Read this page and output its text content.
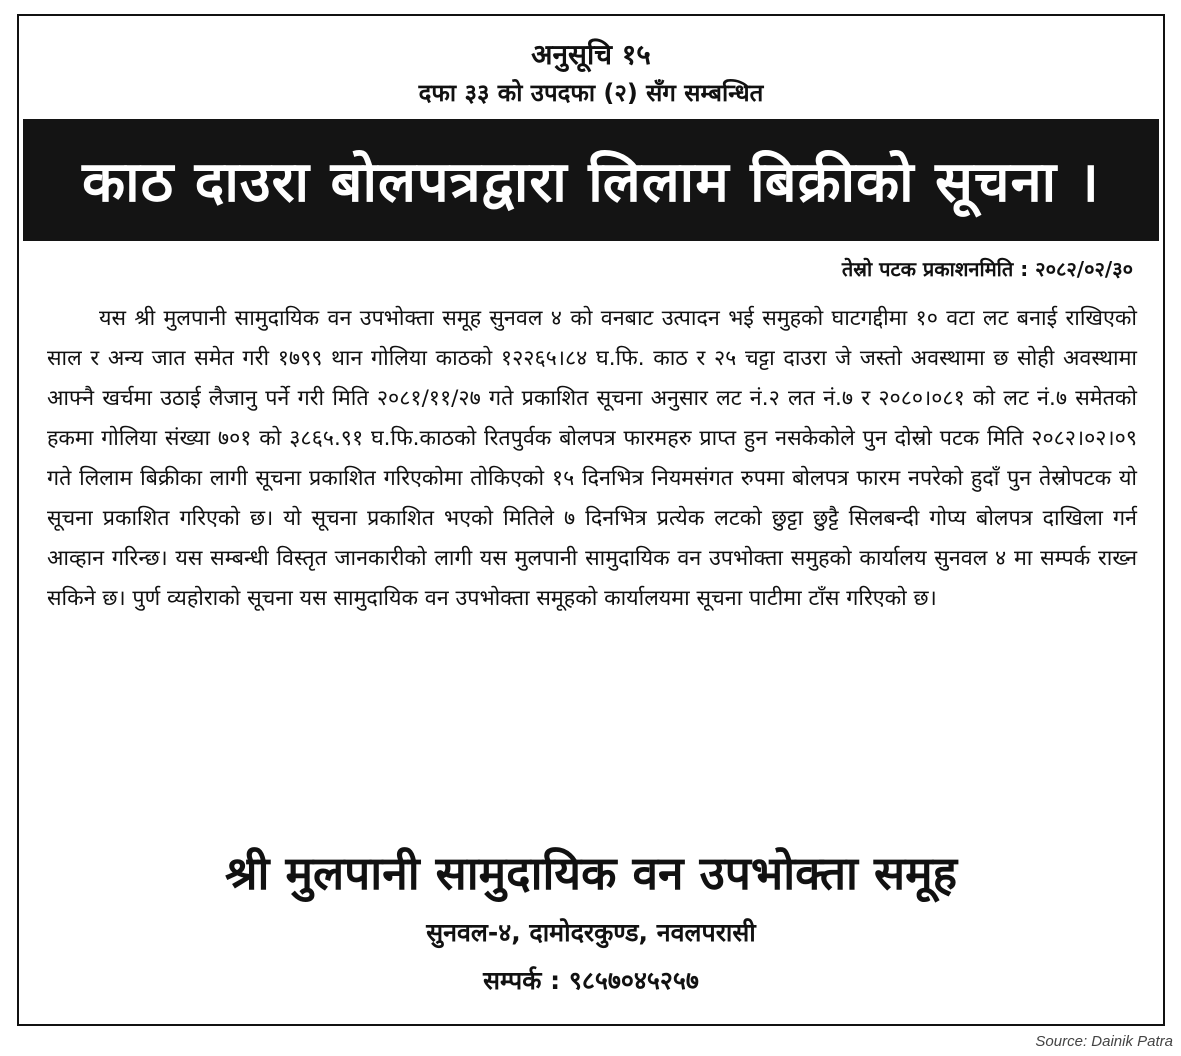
अनुसूचि १५
दफा ३३ को उपदफा (२) सँग सम्बन्धित
काठ दाउरा बोलपत्रद्वारा लिलाम बिक्रीको सूचना ।
तेस्रो पटक प्रकाशनमिति : २०८२/०२/३०
यस श्री मुलपानी सामुदायिक वन उपभोक्ता समूह सुनवल ४ को वनबाट उत्पादन भई समुहको घाटगद्दीमा १० वटा लट बनाई राखिएको साल र अन्य जात समेत गरी १७९९ थान गोलिया काठको १२२६५।८४ घ.फि. काठ र २५ चट्टा दाउरा जे जस्तो अवस्थामा छ सोही अवस्थामा आफ्नै खर्चमा उठाई लैजानु पर्ने गरी मिति २०८१/११/२७ गते प्रकाशित सूचना अनुसार लट नं.२ लत नं.७ र २०८०।०८१ को लट नं.७ समेतको हकमा गोलिया संख्या ७०१ को ३८६५.९१ घ.फि.काठको रितपुर्वक बोलपत्र फारमहरु प्राप्त हुन नसकेकोले पुन दोस्रो पटक मिति २०८२।०२।०९ गते लिलाम बिक्रीका लागी सूचना प्रकाशित गरिएकोमा तोकिएको १५ दिनभित्र नियमसंगत रुपमा बोलपत्र फारम नपरेको हुदाँ पुन तेस्रोपटक यो सूचना प्रकाशित गरिएको छ। यो सूचना प्रकाशित भएको मितिले ७ दिनभित्र प्रत्येक लटको छुट्टा छुट्टै सिलबन्दी गोप्य बोलपत्र दाखिला गर्न आव्हान गरिन्छ। यस सम्बन्धी विस्तृत जानकारीको लागी यस मुलपानी सामुदायिक वन उपभोक्ता समुहको कार्यालय सुनवल ४ मा सम्पर्क राख्न सकिने छ। पुर्ण व्यहोराको सूचना यस सामुदायिक वन उपभोक्ता समूहको कार्यालयमा सूचना पाटीमा टाँस गरिएको छ।
श्री मुलपानी सामुदायिक वन उपभोक्ता समूह
सुनवल-४, दामोदरकुण्ड, नवलपरासी
सम्पर्क : ९८५७०४५२५७
Source: Dainik Patra
